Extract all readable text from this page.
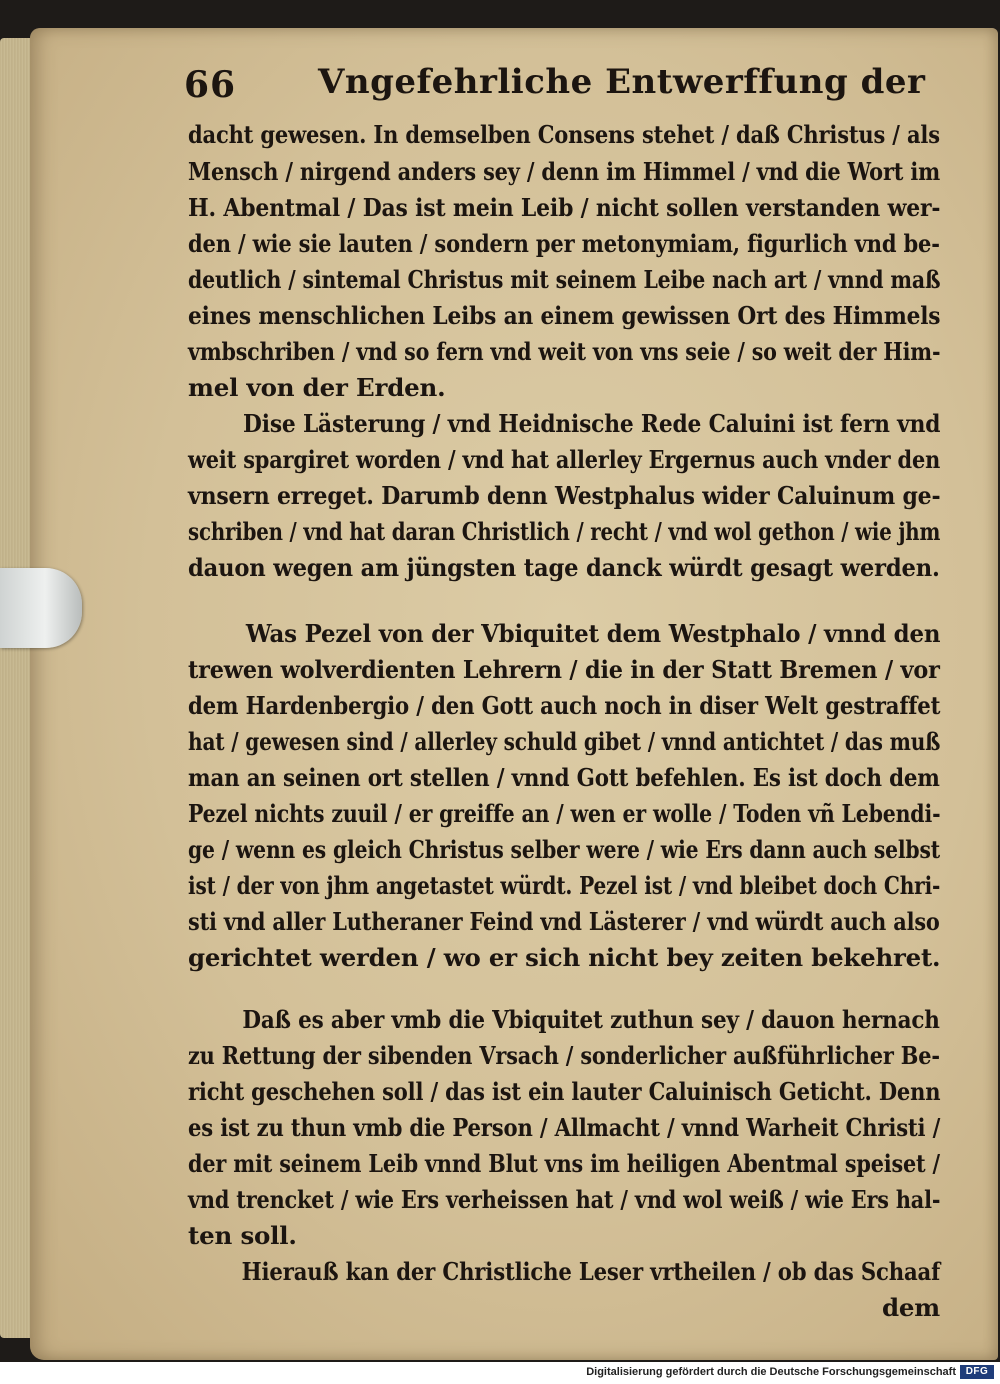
66 Vngefehrliche Entwerffung der
dacht gewesen. In demselben Consens stehet / daß Christus / als
Mensch / nirgend anders sey / denn im Himmel / vnd die Wort im
H. Abentmal / Das ist mein Leib / nicht sollen verstanden wer-
den / wie sie lauten / sondern per metonymiam, figurlich vnd be-
deutlich / sintemal Christus mit seinem Leibe nach art / vnnd maß
eines menschlichen Leibs an einem gewissen Ort des Himmels
vmbschriben / vnd so fern vnd weit von vns seie / so weit der Him-
mel von der Erden.
Dise Lästerung / vnd Heidnische Rede Caluini ist fern vnd
weit spargiret worden / vnd hat allerley Ergernus auch vnder den
vnsern erreget. Darumb denn Westphalus wider Caluinum ge-
schriben / vnd hat daran Christlich / recht / vnd wol gethon / wie jhm
dauon wegen am jüngsten tage danck würdt gesagt werden.
Was Pezel von der Vbiquitet dem Westphalo / vnnd den
trewen wolverdienten Lehrern / die in der Statt Bremen / vor
dem Hardenbergio / den Gott auch noch in diser Welt gestraffet
hat / gewesen sind / allerley schuld gibet / vnnd antichtet / das muß
man an seinen ort stellen / vnnd Gott befehlen. Es ist doch dem
Pezel nichts zuuil / er greiffe an / wen er wolle / Toden vñ Lebendi-
ge / wenn es gleich Christus selber were / wie Ers dann auch selbst
ist / der von jhm angetastet würdt. Pezel ist / vnd bleibet doch Chri-
sti vnd aller Lutheraner Feind vnd Lästerer / vnd würdt auch also
gerichtet werden / wo er sich nicht bey zeiten bekehret.
Daß es aber vmb die Vbiquitet zuthun sey / dauon hernach
zu Rettung der sibenden Vrsach / sonderlicher außführlicher Be-
richt geschehen soll / das ist ein lauter Caluinisch Geticht. Denn
es ist zu thun vmb die Person / Allmacht / vnnd Warheit Christi /
der mit seinem Leib vnnd Blut vns im heiligen Abentmal speiset /
vnd trencket / wie Ers verheissen hat / vnd wol weiß / wie Ers hal-
ten soll.
Hierauß kan der Christliche Leser vrtheilen / ob das Schaaf
dem
Digitalisierung gefördert durch die Deutsche Forschungsgemeinschaft DFG
